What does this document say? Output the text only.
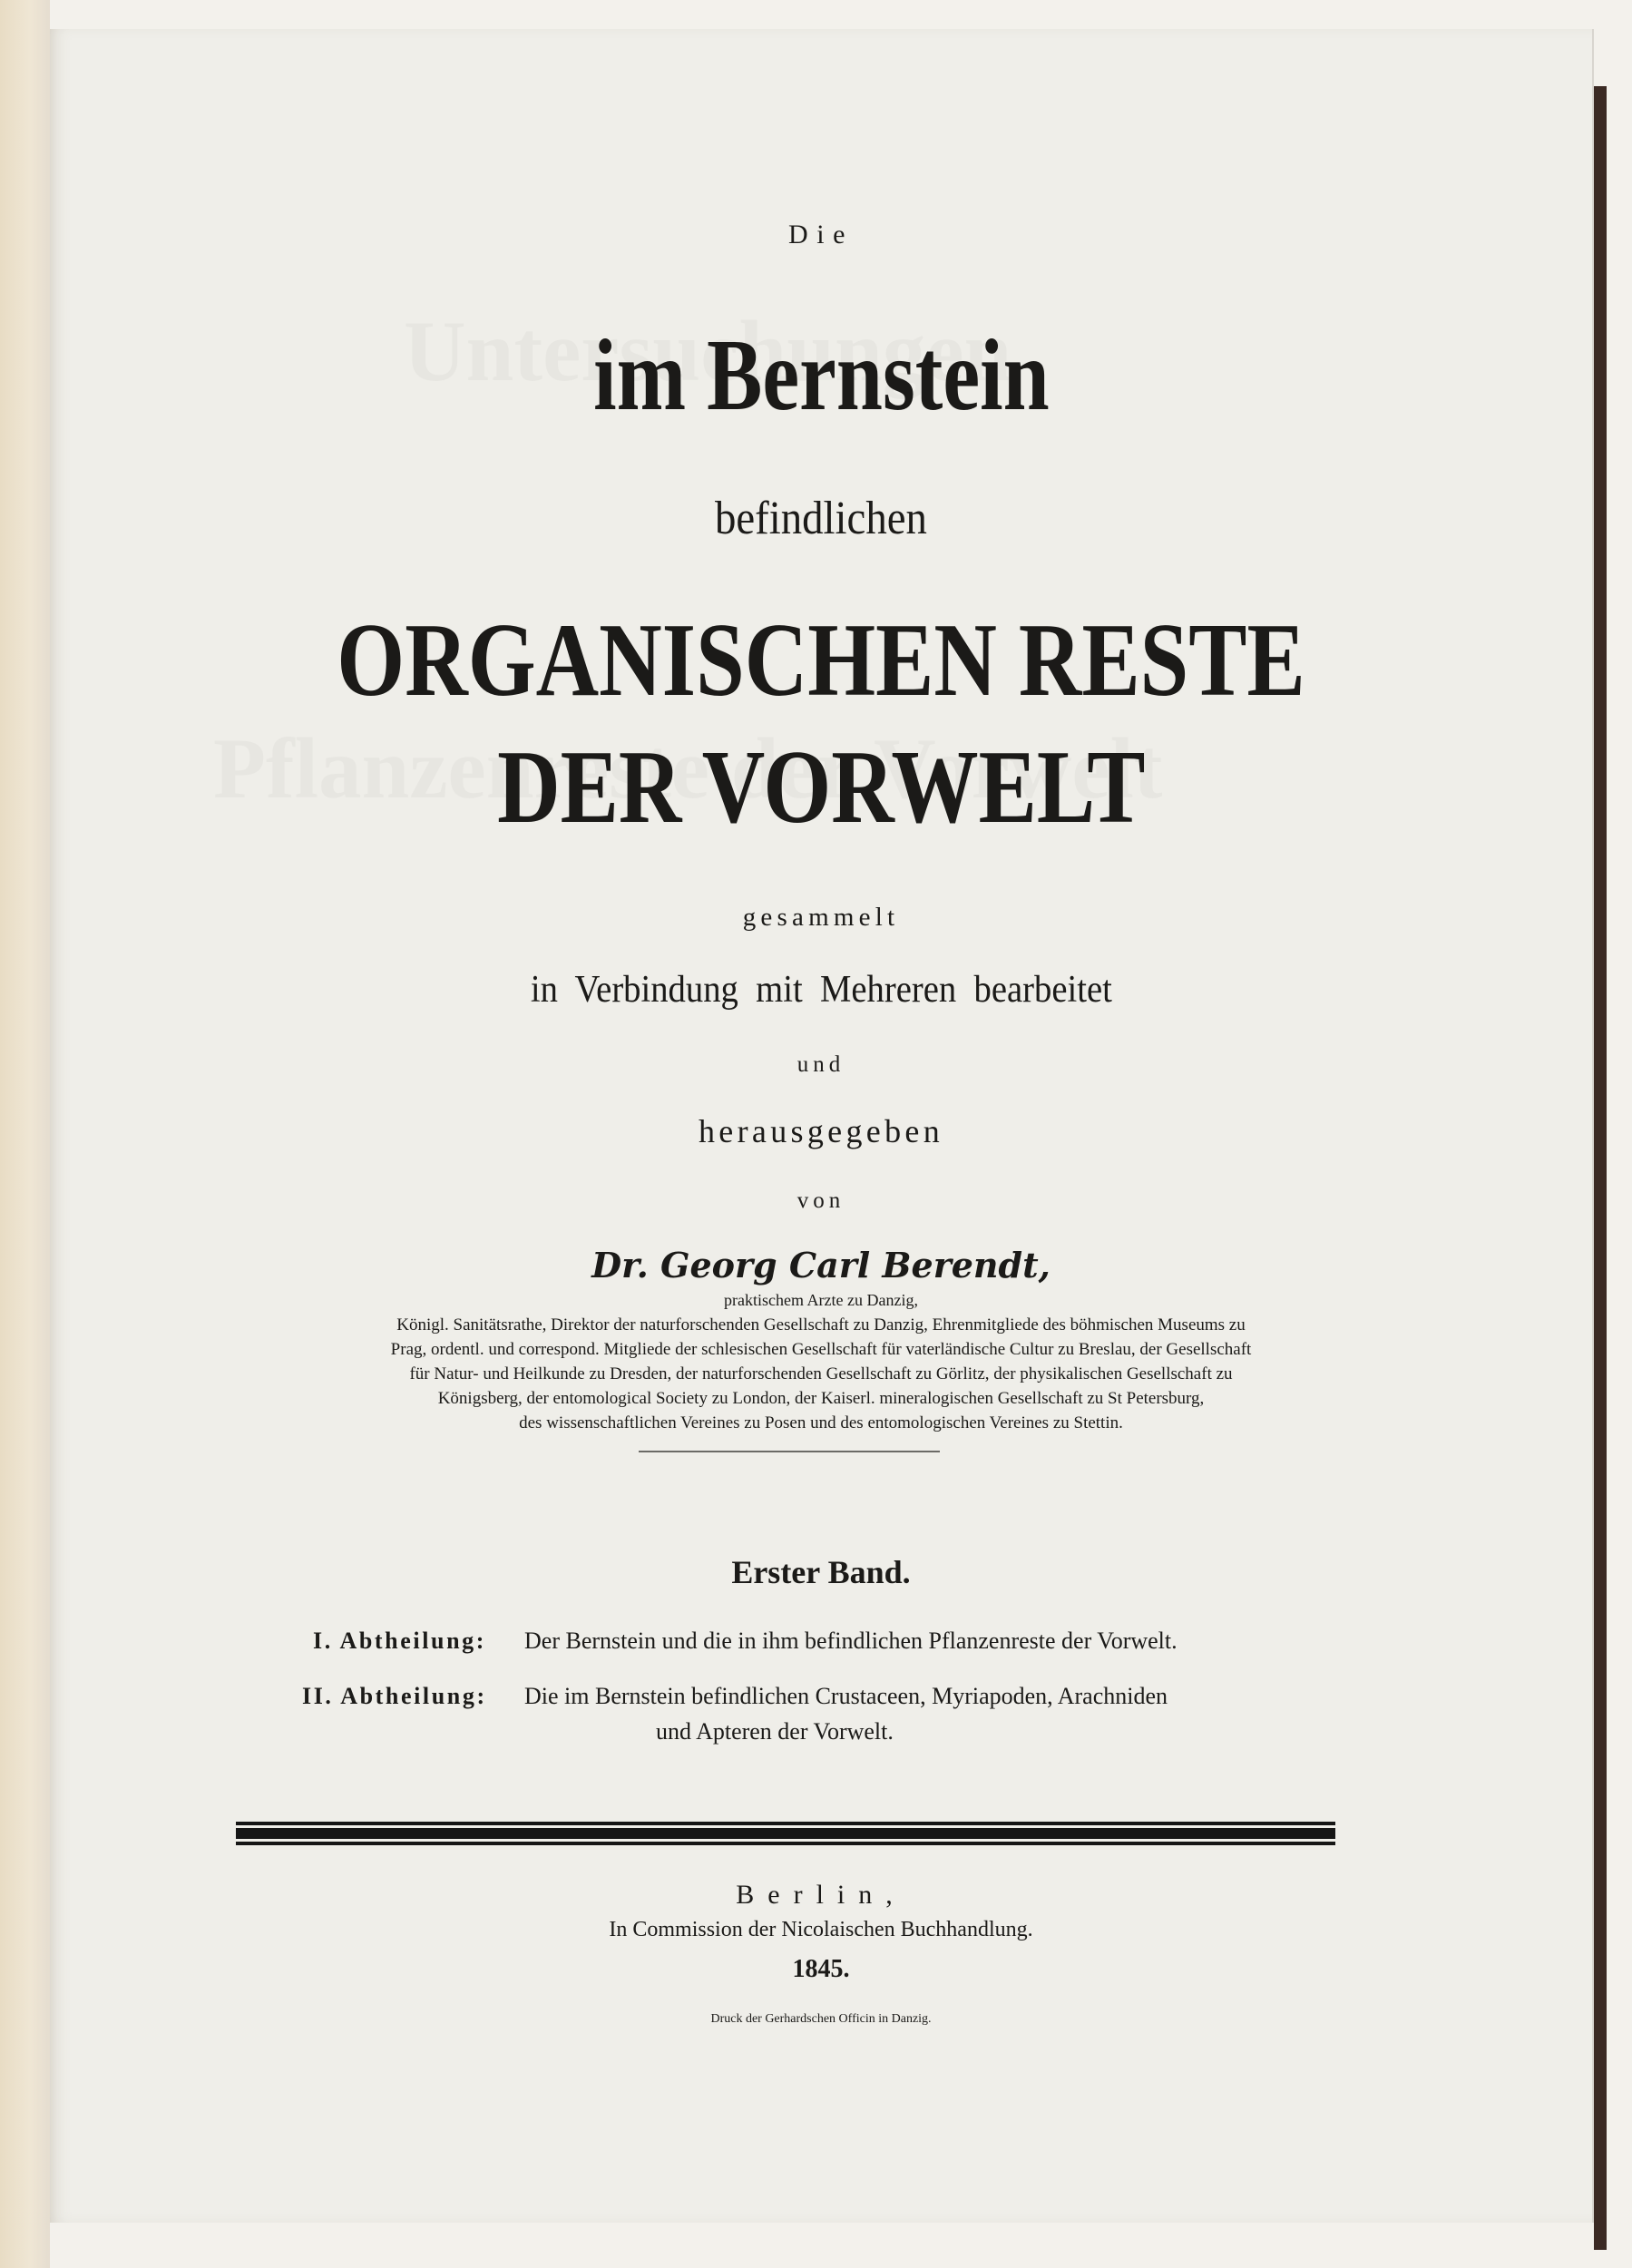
Die
im Bernstein
befindlichen
ORGANISCHEN RESTE
DER VORWELT
gesammelt
in Verbindung mit Mehreren bearbeitet
und
herausgegeben
von
Dr. Georg Carl Berendt,
praktischem Arzte zu Danzig,
Königl. Sanitätsrathe, Direktor der naturforschenden Gesellschaft zu Danzig, Ehrenmitgliede des böhmischen Museums zu
Prag, ordentl. und correspond. Mitgliede der schlesischen Gesellschaft für vaterländische Cultur zu Breslau, der Gesellschaft
für Natur- und Heilkunde zu Dresden, der naturforschenden Gesellschaft zu Görlitz, der physikalischen Gesellschaft zu
Königsberg, der entomological Society zu London, der Kaiserl. mineralogischen Gesellschaft zu St Petersburg,
des wissenschaftlichen Vereines zu Posen und des entomologischen Vereines zu Stettin.
Erster Band.
I. Abtheilung: Der Bernstein und die in ihm befindlichen Pflanzenreste der Vorwelt.
II. Abtheilung: Die im Bernstein befindlichen Crustaceen, Myriapoden, Arachniden
und Apteren der Vorwelt.
Berlin,
In Commission der Nicolaischen Buchhandlung.
1845.
Druck der Gerhardschen Officin in Danzig.
